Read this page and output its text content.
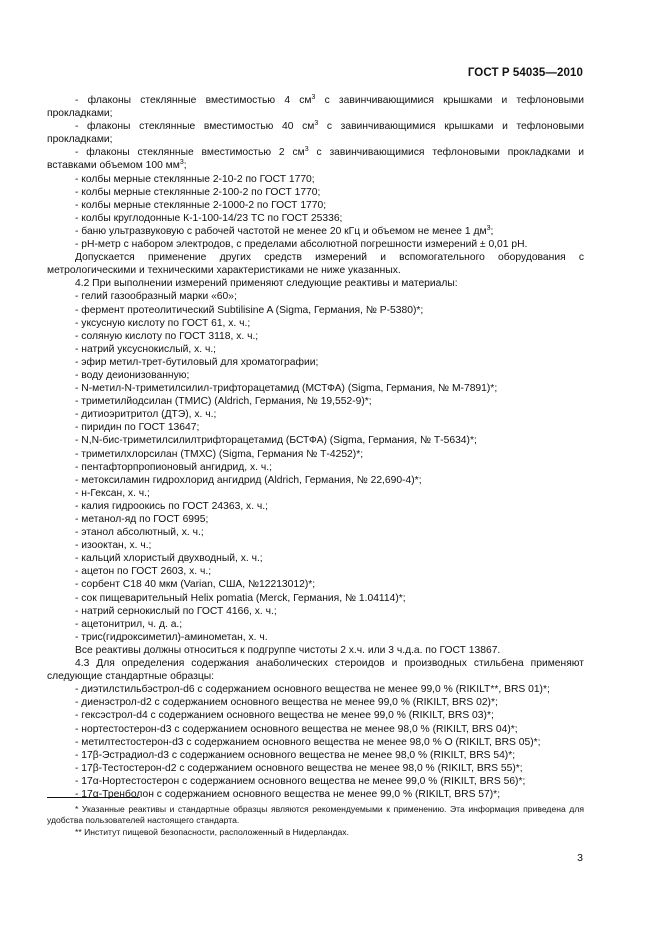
ГОСТ Р 54035—2010

- флаконы стеклянные вместимостью 4 $см^3$ с завинчивающимися крышками и тефлоновыми прокладками;

- флаконы стеклянные вместимостью 40 $см^3$ с завинчивающимися крышками и тефлоновыми прокладками;

- флаконы стеклянные вместимостью 2 $см^3$ с завинчивающимися тефлоновыми прокладками и вставками объемом 100 $мм^3$;

- колбы мерные стеклянные 2-10-2 по ГОСТ 1770;

- колбы мерные стеклянные 2-100-2 по ГОСТ 1770;

- колбы мерные стеклянные 2-1000-2 по ГОСТ 1770;

- колбы круглодонные К-1-100-14/23 ТС по ГОСТ 25336;

- баню ультразвуковую с рабочей частотой не менее 20 кГц и объемом не менее 1 $дм^3$;

- pH-метр с набором электродов, с пределами абсолютной погрешности измерений ± 0,01 pH.

Допускается применение других средств измерений и вспомогательного оборудования с метрологическими и техническими характеристиками не ниже указанных.

4.2 При выполнении измерений применяют следующие реактивы и материалы:

- гелий газообразный марки «60»;

- фермент протеолитический Subtilisine A (Sigma, Германия, № Р-5380)*;

- уксусную кислоту по ГОСТ 61, х. ч.;

- соляную кислоту по ГОСТ 3118, х. ч.;

- натрий уксуснокислый, х. ч.;

- эфир метил-трет-бутиловый для хроматографии;

- воду деионизованную;

- N-метил-N-триметилсилил-трифторацетамид (МСТФА) (Sigma, Германия, № М-7891)*;

- триметилйодсилан (ТМИС) (Aldrich, Германия, № 19,552-9)*;

- дитиоэритритол (ДТЭ), х. ч.;

- пиридин по ГОСТ 13647;

- N,N-бис-триметилсилилтрифторацетамид (БСТФА) (Sigma, Германия, № Т-5634)*;

- триметилхлорсилан (ТМХС) (Sigma, Германия № Т-4252)*;

- пентафторпропионовый ангидрид, х. ч.;

- метоксиламин гидрохлорид ангидрид (Aldrich, Германия, № 22,690-4)*;

- н-Гексан, х. ч.;

- калия гидроокись по ГОСТ 24363, х. ч.;

- метанол-яд по ГОСТ 6995;

- этанол абсолютный, х. ч.;

- изооктан, х. ч.;

- кальций хлористый двухводный, х. ч.;

- ацетон по ГОСТ 2603, х. ч.;

- сорбент С18 40 мкм (Varian, США, №12213012)*;

- сок пищеварительный Helix pomatia (Merck, Германия, № 1.04114)*;

- натрий сернокислый по ГОСТ 4166, х. ч.;

- ацетонитрил, ч. д. а.;

- трис(гидроксиметил)-аминометан, х. ч.

Все реактивы должны относиться к подгруппе чистоты 2 х.ч. или 3 ч.д.а. по ГОСТ 13867.

4.3 Для определения содержания анаболических стероидов и производных стильбена применяют следующие стандартные образцы:

- диэтилстильбэстрол-d6 с содержанием основного вещества не менее 99,0 % (RIKILT**, BRS 01)*;

- диенэстрол-d2 с содержанием основного вещества не менее 99,0 % (RIKILT, BRS 02)*;

- гексэстрол-d4 с содержанием основного вещества не менее 99,0 % (RIKILT, BRS 03)*;

- нортестостерон-d3 с содержанием основного вещества не менее 98,0 % (RIKILT, BRS 04)*;

- метилтестостерон-d3 с содержанием основного вещества не менее 98,0 % О (RIKILT, BRS 05)*;

- 17β-Эстрадиол-d3 с содержанием основного вещества не менее 98,0 % (RIKILT, BRS 54)*;

- 17β-Тестостерон-d2 с содержанием основного вещества не менее 98,0 % (RIKILT, BRS 55)*;

- 17α-Нортестостерон с содержанием основного вещества не менее 99,0 % (RIKILT, BRS 56)*;

- 17α-Тренболон с содержанием основного вещества не менее 99,0 % (RIKILT, BRS 57)*;

* Указанные реактивы и стандартные образцы являются рекомендуемыми к применению. Эта информация приведена для удобства пользователей настоящего стандарта.

** Институт пищевой безопасности, расположенный в Нидерландах.

3
